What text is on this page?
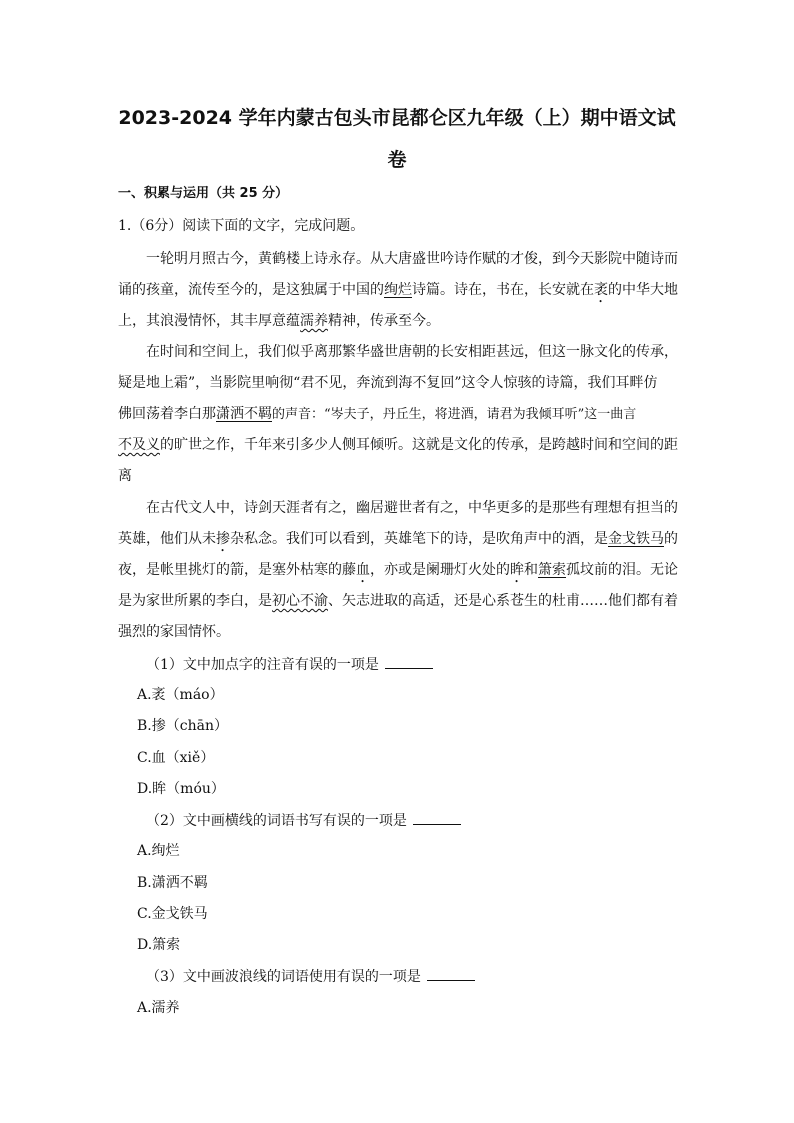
2023-2024 学年内蒙古包头市昆都仑区九年级（上）期中语文试
卷
一、积累与运用（共 25 分）
1.（6分）阅读下面的文字，完成问题。
一轮明月照古今，黄鹤楼上诗永存。从大唐盛世吟诗作赋的才俊，到今天影院中随诗而
诵的孩童，流传至今的，是这独属于中国的绚烂诗篇。诗在，书在，长安就在袤的中华大地
上，其浪漫情怀，其丰厚意蕴濡养精神，传承至今。
在时间和空间上，我们似乎离那繁华盛世唐朝的长安相距甚远，但这一脉文化的传承，
疑是地上霜”，当影院里响彻“君不见，奔流到海不复回”这令人惊骇的诗篇，我们耳畔仿
佛回荡着李白那潇洒不羁的声音：“岑夫子，丹丘生，将进酒，请君为我倾耳听”这一曲言
不及义的旷世之作，千年来引多少人侧耳倾听。这就是文化的传承，是跨越时间和空间的距
离
在古代文人中，诗剑天涯者有之，幽居避世者有之，中华更多的是那些有理想有担当的
英雄，他们从未掺杂私念。我们可以看到，英雄笔下的诗，是吹角声中的酒，是金戈铁马的
夜，是帐里挑灯的箭，是塞外枯寒的藤血，亦或是阑珊灯火处的眸和箫索孤坟前的泪。无论
是为家世所累的李白，是初心不渝、矢志进取的高适，还是心系苍生的杜甫……他们都有着
强烈的家国情怀。
（1）文中加点字的注音有误的一项是
A.袤（máo）
B.掺（chān）
C.血（xiě）
D.眸（móu）
（2）文中画横线的词语书写有误的一项是
A.绚烂
B.潇洒不羁
C.金戈铁马
D.箫索
（3）文中画波浪线的词语使用有误的一项是
A.濡养
